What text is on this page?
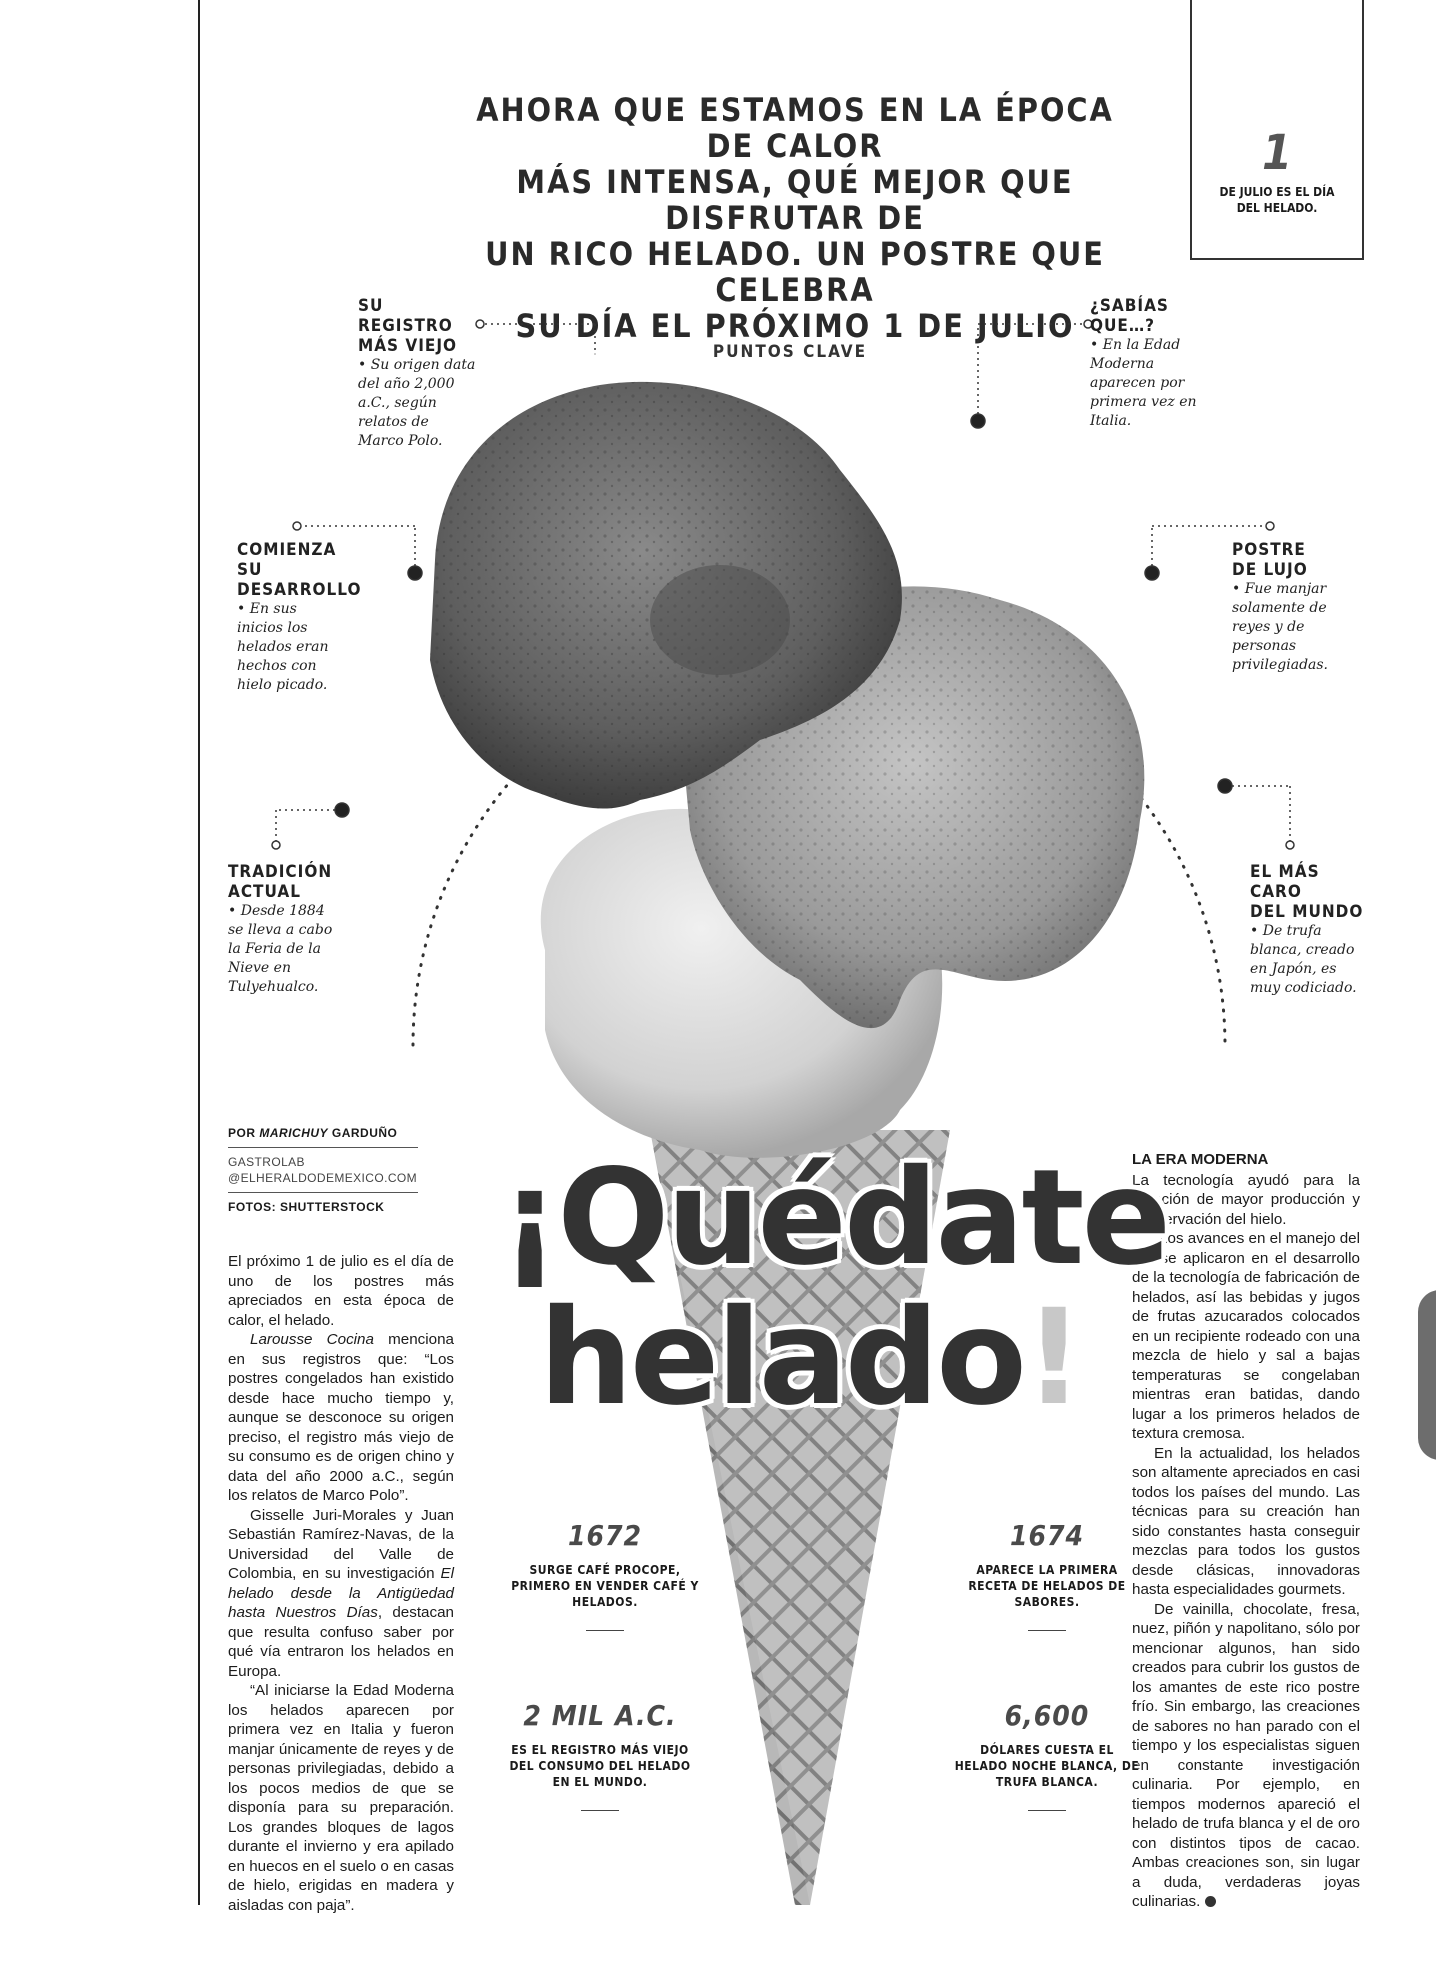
AHORA QUE ESTAMOS EN LA ÉPOCA DE CALOR
MÁS INTENSA, QUÉ MEJOR QUE DISFRUTAR DE
UN RICO HELADO. UN POSTRE QUE CELEBRA
SU DÍA EL PRÓXIMO 1 DE JULIO
1
DE JULIO ES EL DÍA DEL HELADO.
PUNTOS CLAVE
SU REGISTRO
MÁS VIEJO
• Su origen data del año 2,000 a.C., según relatos de Marco Polo.
COMIENZA SU
DESARROLLO
• En sus inicios los helados eran hechos con hielo picado.
TRADICIÓN
ACTUAL
• Desde 1884 se lleva a cabo la Feria de la Nieve en Tulyehualco.
¿SABÍAS
QUE…?
• En la Edad Moderna aparecen por primera vez en Italia.
POSTRE
DE LUJO
• Fue manjar solamente de reyes y de personas privilegiadas.
EL MÁS CARO
DEL MUNDO
• De trufa blanca, creado en Japón, es muy codiciado.
POR MARICHUY GARDUÑO
GASTROLAB
@ELHERALDODEMEXICO.COM
FOTOS: SHUTTERSTOCK

El próximo 1 de julio es el día de uno de los postres más apreciados en esta época de calor, el helado.

Larousse Cocina menciona en sus registros que: “Los postres congelados han existido desde hace mucho tiempo y, aunque se desconoce su origen preciso, el registro más viejo de su consumo es de origen chino y data del año 2000 a.C., según los relatos de Marco Polo”.

Gisselle Juri-Morales y Juan Sebastián Ramírez-Navas, de la Universidad del Valle de Colombia, en su investigación El helado desde la Antigüedad hasta Nuestros Días, destacan que resulta confuso saber por qué vía entraron los helados en Europa.

“Al iniciarse la Edad Moderna los helados aparecen por primera vez en Italia y fueron manjar únicamente de reyes y de personas privilegiadas, debido a los pocos medios de que se disponía para su preparación. Los grandes bloques de lagos durante el invierno y era apilado en huecos en el suelo o en casas de hielo, erigidas en madera y aisladas con paja”.

LA ERA MODERNA

La tecnología ayudó para la creación de mayor producción y conservación del hielo.

“Los avances en el manejo del frío se aplicaron en el desarrollo de la tecnología de fabricación de helados, así las bebidas y jugos de frutas azucarados colocados en un recipiente rodeado con una mezcla de hielo y sal a bajas temperaturas se congelaban mientras eran batidas, dando lugar a los primeros helados de textura cremosa.

En la actualidad, los helados son altamente apreciados en casi todos los países del mundo. Las técnicas para su creación han sido constantes hasta conseguir mezclas para todos los gustos desde clásicas, innovadoras hasta especialidades gourmets.

De vainilla, chocolate, fresa, nuez, piñón y napolitano, sólo por mencionar algunos, han sido creados para cubrir los gustos de los amantes de este rico postre frío. Sin embargo, las creaciones de sabores no han parado con el tiempo y los especialistas siguen en constante investigación culinaria. Por ejemplo, en tiempos modernos apareció el helado de trufa blanca y el de oro con distintos tipos de cacao. Ambas creaciones son, sin lugar a duda, verdaderas joyas culinarias.

¡Quédate
helado!
1672
SURGE CAFÉ PROCOPE, PRIMERO EN VENDER CAFÉ Y HELADOS.
1674
APARECE LA PRIMERA RECETA DE HELADOS DE SABORES.
2 MIL A.C.
ES EL REGISTRO MÁS VIEJO DEL CONSUMO DEL HELADO EN EL MUNDO.
6,600
DÓLARES CUESTA EL HELADO NOCHE BLANCA, DE TRUFA BLANCA.
